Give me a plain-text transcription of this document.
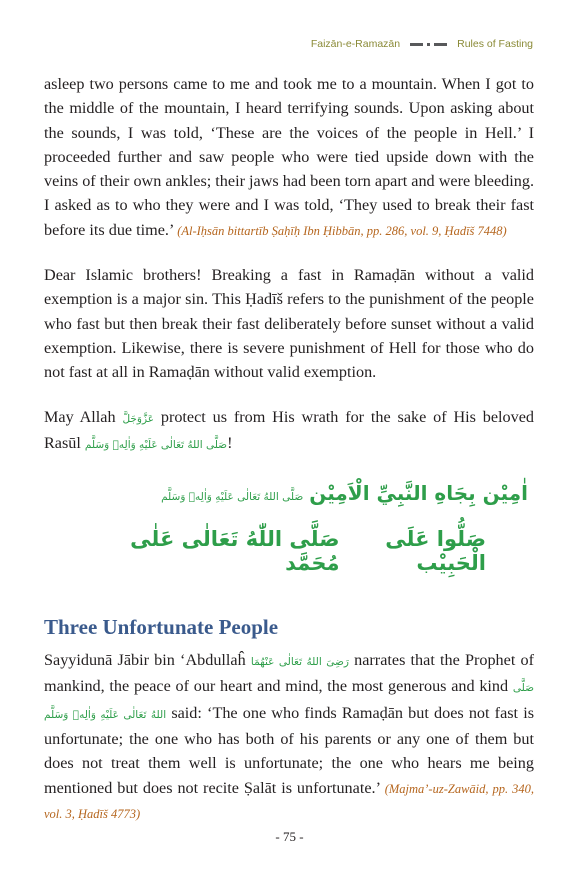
Faizān-e-Ramazān	Rules of Fasting

asleep two persons came to me and took me to a mountain. When I got to the middle of the mountain, I heard terrifying sounds. Upon asking about the sounds, I was told, ‘These are the voices of the people in Hell.’ I proceeded further and saw people who were tied upside down with the veins of their own ankles; their jaws had been torn apart and were bleeding. I asked as to who they were and I was told, ‘They used to break their fast before its due time.’ (Al-Iḥsān bittartīb Ṣaḥīḥ Ibn Ḥibbān, pp. 286, vol. 9, Ḥadīš 7448)

Dear Islamic brothers! Breaking a fast in Ramaḍān without a valid exemption is a major sin. This Ḥadīš refers to the punishment of the people who fast but then break their fast deliberately before sunset without a valid exemption. Likewise, there is severe punishment of Hell for those who do not fast at all in Ramaḍān without valid exemption.

May Allah عَزَّوَجَلَّ protect us from His wrath for the sake of His beloved Rasūl صَلَّى اللهُ تَعَالٰى عَلَيْهِ وَاٰلِهٖ وَسَلَّم!

اٰمِيْن بِجَاهِ النَّبِيِّ الْاَمِيْن
صَلَّى اللهُ تَعَالٰى عَلَيْهِ وَاٰلِهٖ وَسَلَّم
صَلَّى اللّٰهُ تَعَالٰى عَلٰى مُحَمَّد
صَلُّوا عَلَى الْحَبِيْب
Three Unfortunate People

Sayyidunā Jābir bin ‘Abdullaĥ رَضِىَ اللهُ تَعَالٰى عَنْهُمَا narrates that the Prophet of mankind, the peace of our heart and mind, the most generous and kind صَلَّى اللهُ تَعَالٰى عَلَيْهِ وَاٰلِهٖ وَسَلَّم said: ‘The one who finds Ramaḍān but does not fast is unfortunate; the one who has both of his parents or any one of them but does not treat them well is unfortunate; the one who hears me being mentioned but does not recite Ṣalāt is unfortunate.’ (Majma’-uz-Zawāid, pp. 340, vol. 3, Ḥadīš 4773)

- 75 -
